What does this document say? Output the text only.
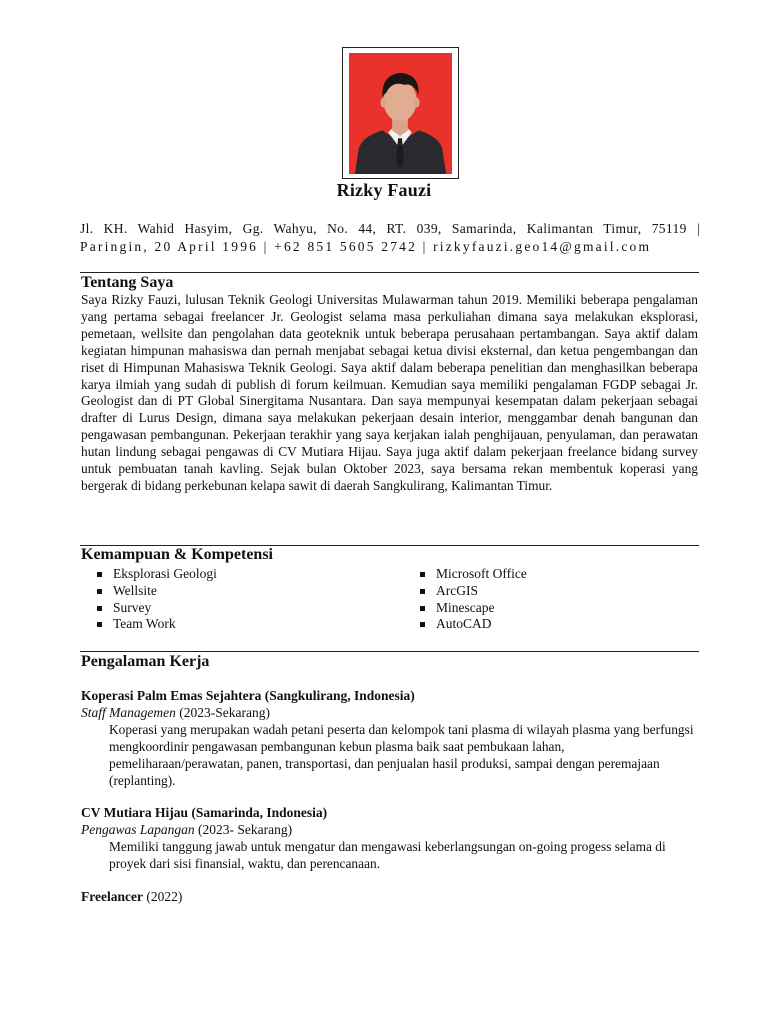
Rizky Fauzi
Jl. KH. Wahid Hasyim, Gg. Wahyu, No. 44, RT. 039, Samarinda, Kalimantan Timur, 75119 |
Paringin, 20 April 1996 | +62 851 5605 2742 | rizkyfauzi.geo14@gmail.com
Tentang Saya
Saya Rizky Fauzi, lulusan Teknik Geologi Universitas Mulawarman tahun 2019. Memiliki beberapa pengalaman yang pertama sebagai freelancer Jr. Geologist selama masa perkuliahan dimana saya melakukan eksplorasi, pemetaan, wellsite dan pengolahan data geoteknik untuk beberapa perusahaan pertambangan. Saya aktif dalam kegiatan himpunan mahasiswa dan pernah menjabat sebagai ketua divisi eksternal, dan ketua pengembangan dan riset di Himpunan Mahasiswa Teknik Geologi. Saya aktif dalam beberapa penelitian dan menghasilkan beberapa karya ilmiah yang sudah di publish di forum keilmuan. Kemudian saya memiliki pengalaman FGDP sebagai Jr. Geologist dan di PT Global Sinergitama Nusantara. Dan saya mempunyai kesempatan dalam pekerjaan sebagai drafter di Lurus Design, dimana saya melakukan pekerjaan desain interior, menggambar denah bangunan dan pengawasan pembangunan. Pekerjaan terakhir yang saya kerjakan ialah penghijauan, penyulaman, dan perawatan hutan lindung sebagai pengawas di CV Mutiara Hijau. Saya juga aktif dalam pekerjaan freelance bidang survey untuk pembuatan tanah kavling. Sejak bulan Oktober 2023, saya bersama rekan membentuk koperasi yang bergerak di bidang perkebunan kelapa sawit di daerah Sangkulirang, Kalimantan Timur.
Kemampuan & Kompetensi
Eksplorasi Geologi
Wellsite
Survey
Team Work
Microsoft Office
ArcGIS
Minescape
AutoCAD
Pengalaman Kerja
Koperasi Palm Emas Sejahtera (Sangkulirang, Indonesia)
Staff Managemen (2023-Sekarang)
Koperasi yang merupakan wadah petani peserta dan kelompok tani plasma di wilayah plasma yang berfungsi mengkoordinir pengawasan pembangunan kebun plasma baik saat pembukaan lahan, pemeliharaan/perawatan, panen, transportasi, dan penjualan hasil produksi, sampai dengan peremajaan (replanting).
CV Mutiara Hijau (Samarinda, Indonesia)
Pengawas Lapangan (2023- Sekarang)
Memiliki tanggung jawab untuk mengatur dan mengawasi keberlangsungan on-going progess selama di proyek dari sisi finansial, waktu, dan perencanaan.
Freelancer (2022)
